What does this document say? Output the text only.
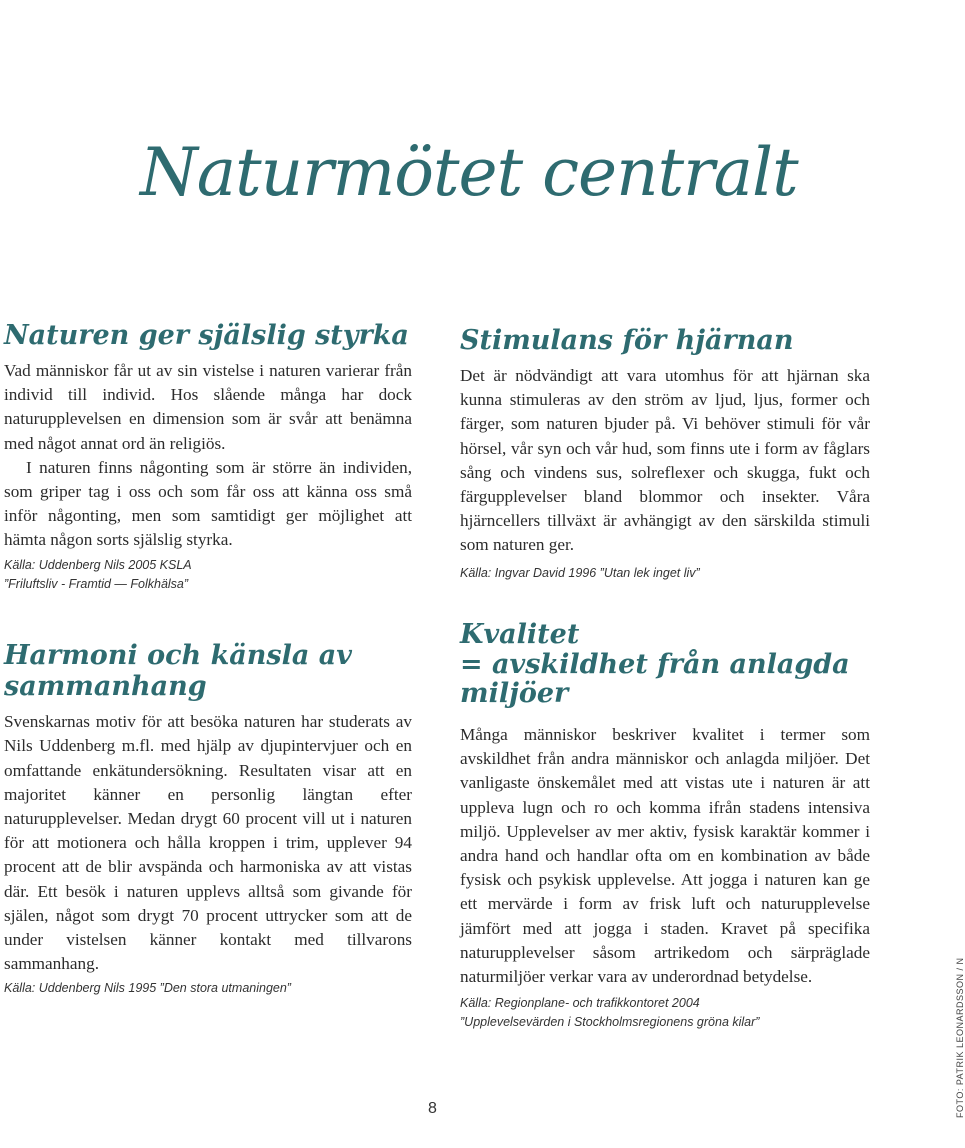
Naturmötet centralt
Naturen ger själslig styrka

Vad människor får ut av sin vistelse i naturen varierar från individ till individ. Hos slående många har dock naturupplevelsen en dimension som är svår att benämna med något annat ord än religiös.

I naturen finns någonting som är större än individen, som griper tag i oss och som får oss att känna oss små inför någonting, men som samtidigt ger möjlighet att hämta någon sorts själslig styrka.

Källa: Uddenberg Nils 2005 KSLA
”Friluftsliv - Framtid — Folkhälsa”
Stimulans för hjärnan

Det är nödvändigt att vara utomhus för att hjärnan ska kunna stimuleras av den ström av ljud, ljus, former och färger, som naturen bjuder på. Vi behöver stimuli för vår hörsel, vår syn och vår hud, som finns ute i form av fåglars sång och vindens sus, solreflexer och skugga, fukt och färgupplevelser bland blommor och insekter. Våra hjärncellers tillväxt är avhängigt av den särskilda stimuli som naturen ger.

Källa: Ingvar David 1996 ”Utan lek inget liv”
Harmoni och känsla av sammanhang

Svenskarnas motiv för att besöka naturen har studerats av Nils Uddenberg m.fl. med hjälp av djupintervjuer och en omfattande enkätundersökning. Resultaten visar att en majoritet känner en personlig längtan efter naturupplevelser. Medan drygt 60 procent vill ut i naturen för att motionera och hålla kroppen i trim, upplever 94 procent att de blir avspända och harmoniska av att vistas där. Ett besök i naturen upplevs alltså som givande för själen, något som drygt 70 procent uttrycker som att de under vistelsen känner kontakt med tillvarons sammanhang.

Källa: Uddenberg Nils 1995 ”Den stora utmaningen”
Kvalitet
= avskildhet från anlagda miljöer

Många människor beskriver kvalitet i termer som avskildhet från andra människor och anlagda miljöer. Det vanligaste önskemålet med att vistas ute i naturen är att uppleva lugn och ro och komma ifrån stadens intensiva miljö. Upplevelser av mer aktiv, fysisk karaktär kommer i andra hand och handlar ofta om en kombination av både fysisk och psykisk upplevelse. Att jogga i naturen kan ge ett mervärde i form av frisk luft och naturupplevelse jämfört med att jogga i staden. Kravet på specifika naturupplevelser såsom artrikedom och särpräglade naturmiljöer verkar vara av underordnad betydelse.

Källa: Regionplane- och trafikkontoret 2004
”Upplevelsevärden i Stockholmsregionens gröna kilar”
8	FOTO: PATRIK LEONARDSSON / N
